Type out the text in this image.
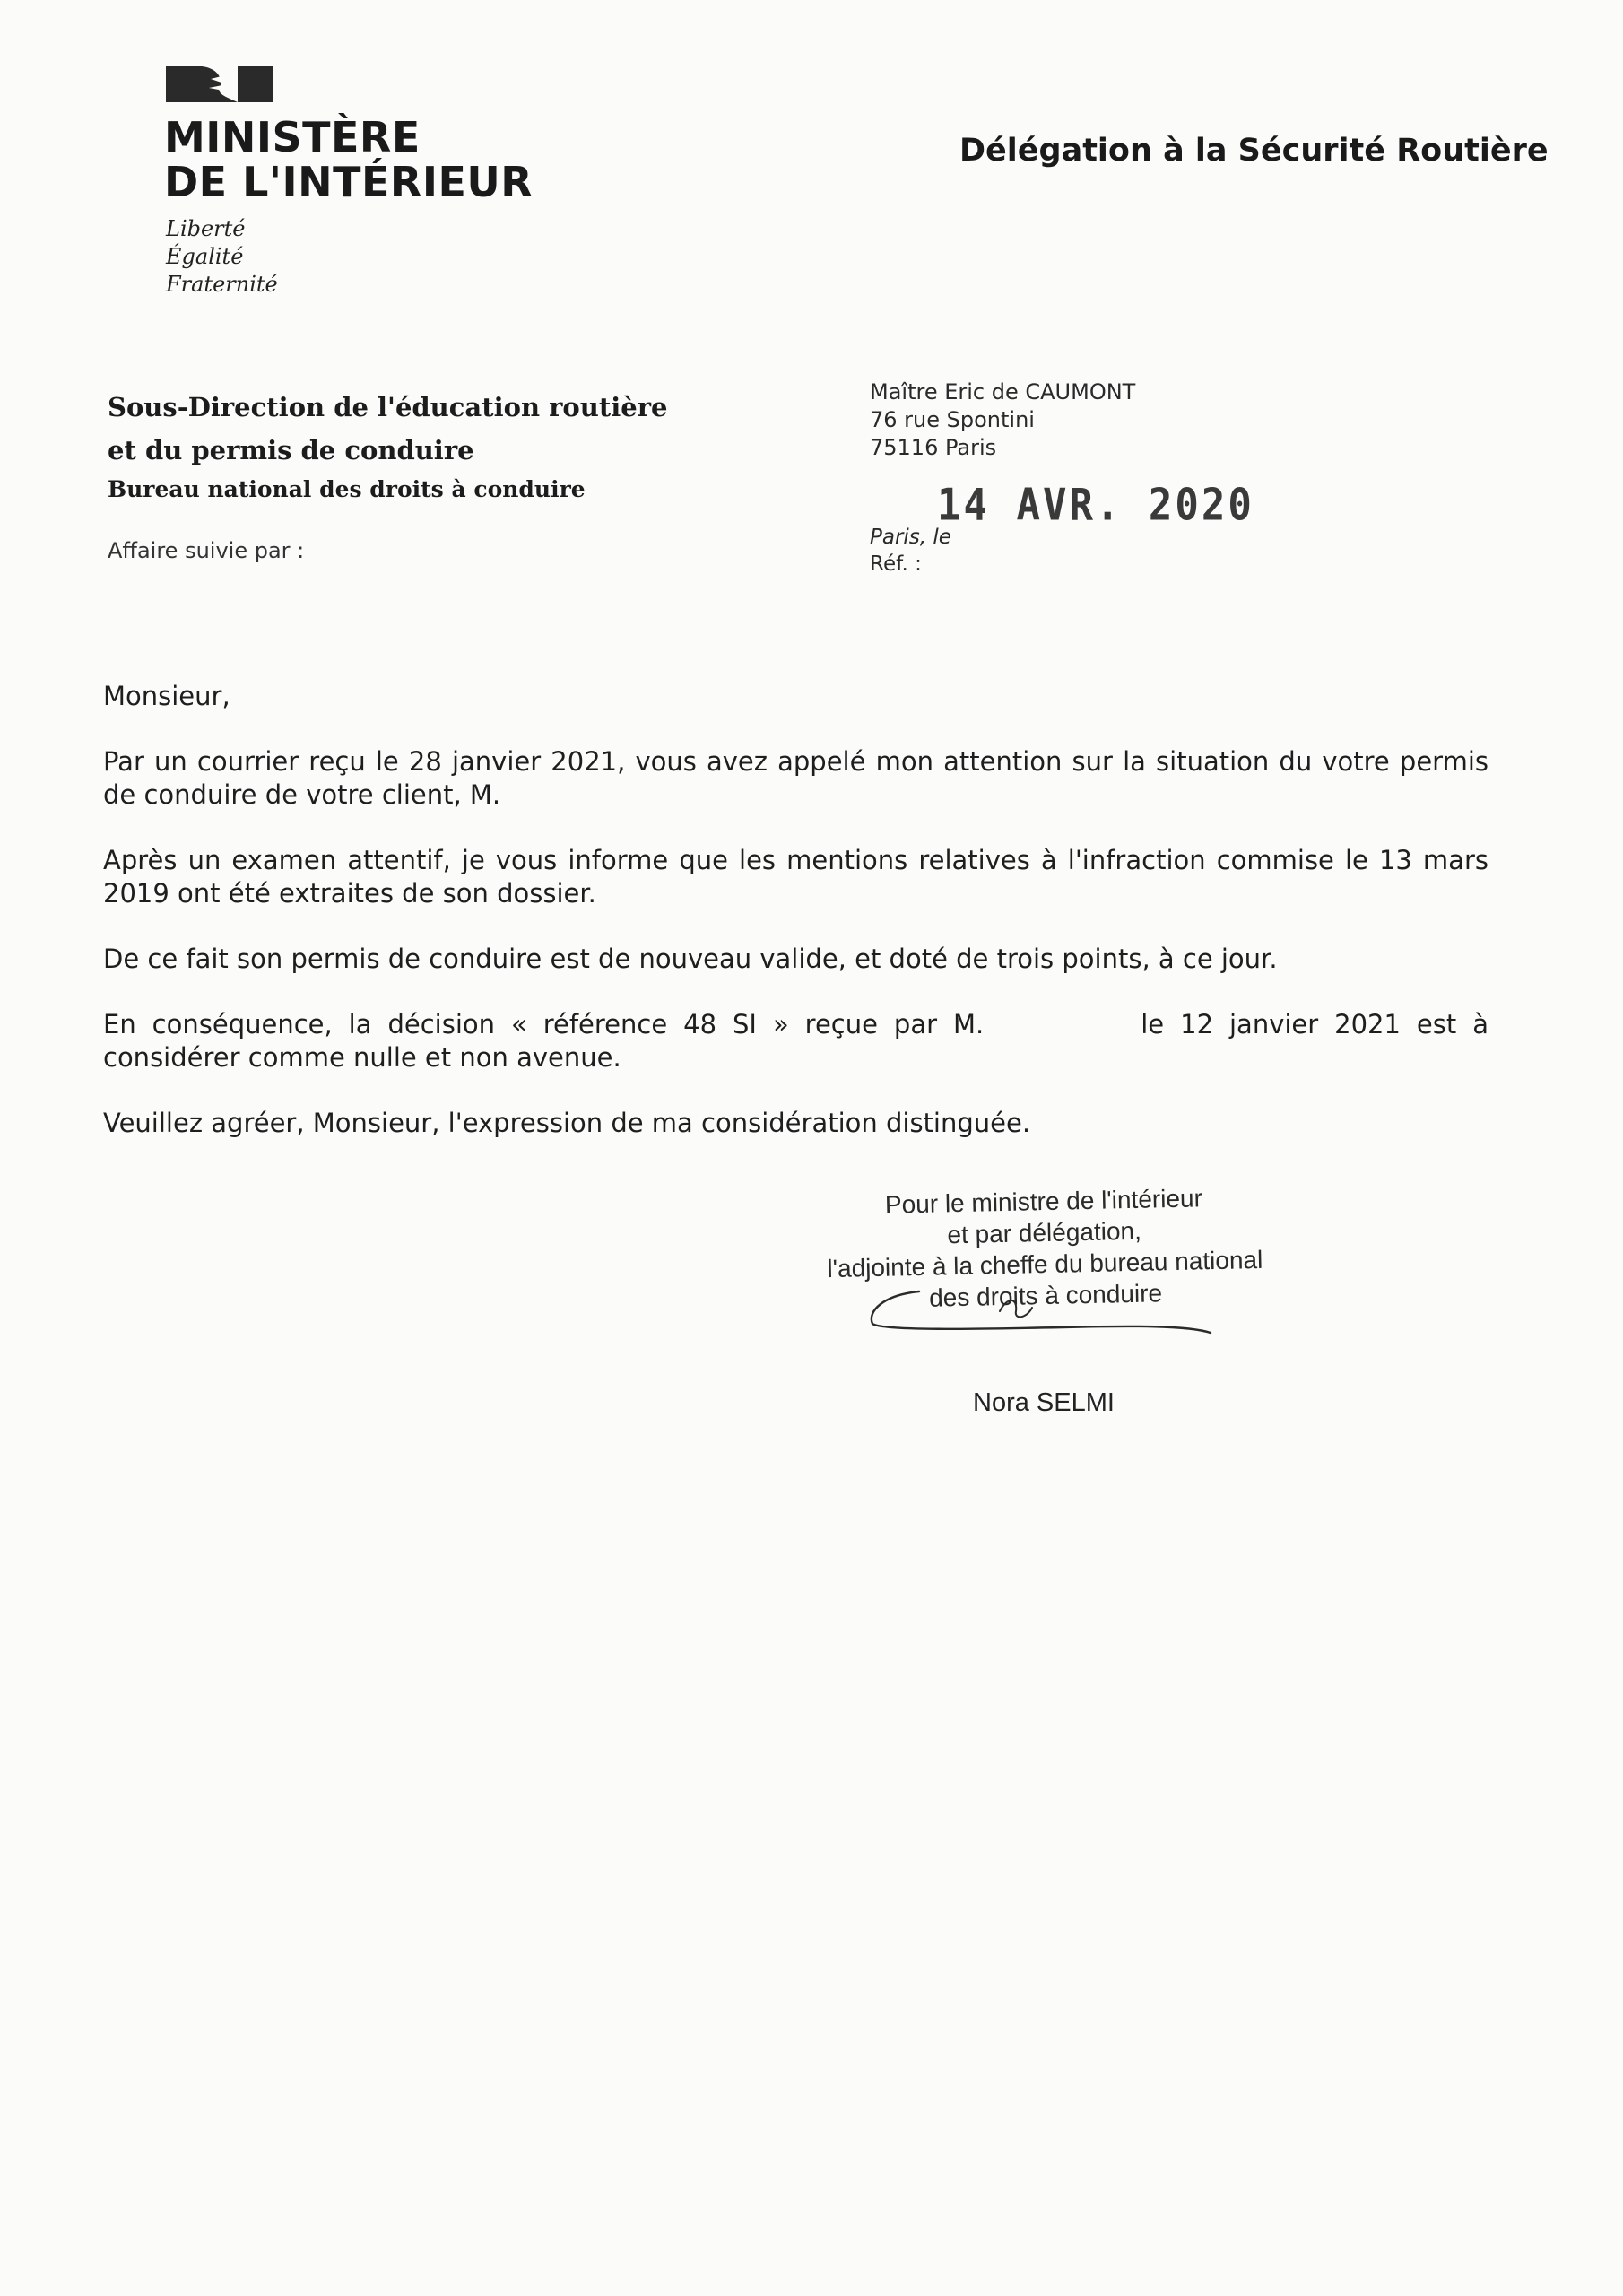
MINISTÈRE
DE L'INTÉRIEUR
Liberté
Égalité
Fraternité
Délégation à la Sécurité Routière
Sous-Direction de l'éducation routière
et du permis de conduire
Bureau national des droits à conduire
Affaire suivie par :
Maître Eric de CAUMONT
76 rue Spontini
75116 Paris
14 AVR. 2020
Paris, le
Réf. :
Monsieur,

Par un courrier reçu le 28 janvier 2021, vous avez appelé mon attention sur la situation du votre permis de conduire de votre client, M.

Après un examen attentif, je vous informe que les mentions relatives à l'infraction commise le 13 mars 2019 ont été extraites de son dossier.

De ce fait son permis de conduire est de nouveau valide, et doté de trois points, à ce jour.

En conséquence, la décision « référence 48 SI » reçue par M.	le 12 janvier 2021 est à considérer comme nulle et non avenue.

Veuillez agréer, Monsieur, l'expression de ma considération distinguée.

Pour le ministre de l'intérieur
et par délégation,
l'adjointe à la cheffe du bureau national
des droits à conduire
Nora SELMI
